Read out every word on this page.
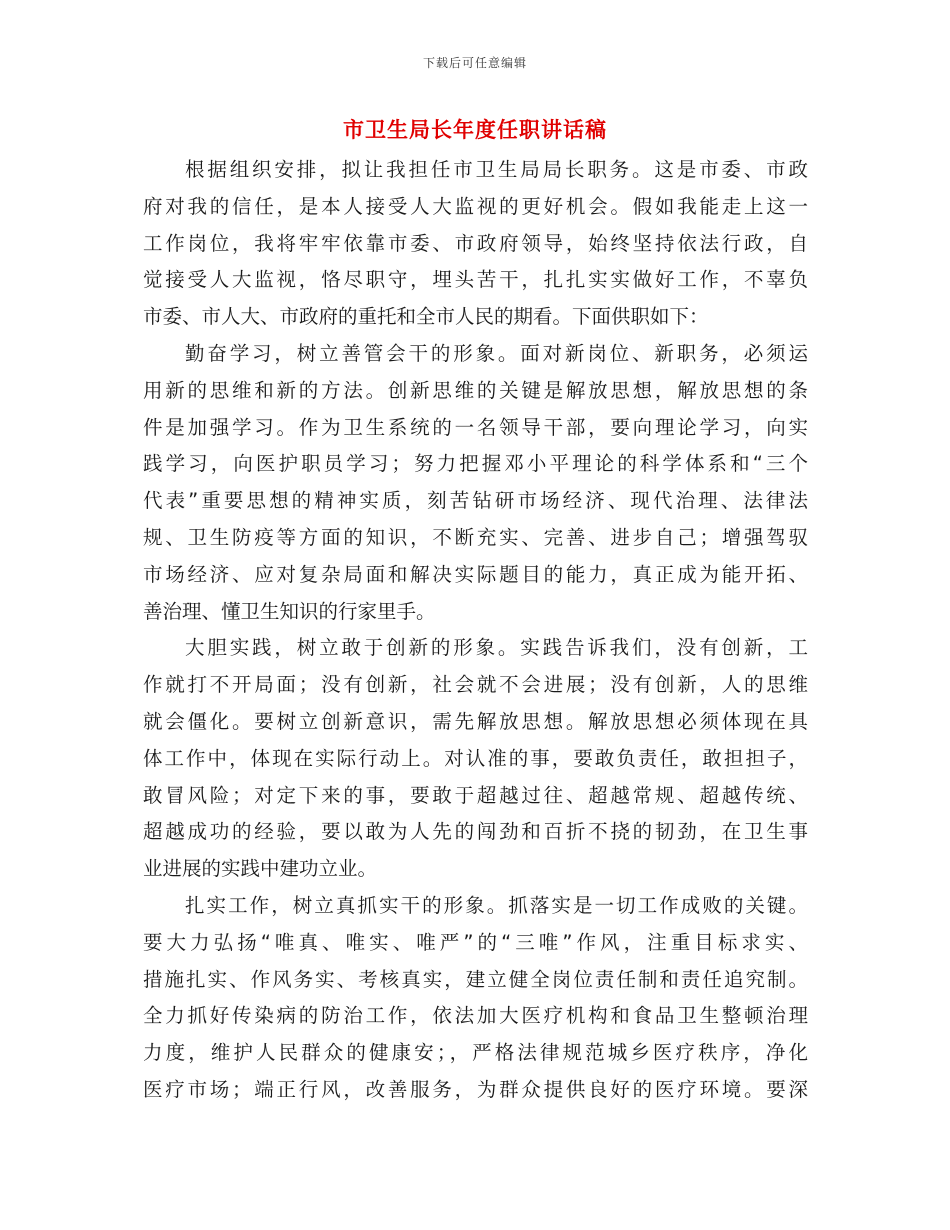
下载后可任意编辑
市卫生局长年度任职讲话稿

根据组织安排，拟让我担任市卫生局局长职务。这是市委、市政
府对我的信任，是本人接受人大监视的更好机会。假如我能走上这一
工作岗位，我将牢牢依靠市委、市政府领导，始终坚持依法行政，自
觉接受人大监视，恪尽职守，埋头苦干，扎扎实实做好工作，不辜负
市委、市人大、市政府的重托和全市人民的期看。下面供职如下：

勤奋学习，树立善管会干的形象。面对新岗位、新职务，必须运
用新的思维和新的方法。创新思维的关键是解放思想，解放思想的条
件是加强学习。作为卫生系统的一名领导干部，要向理论学习，向实
践学习，向医护职员学习；努力把握邓小平理论的科学体系和“三个
代表”重要思想的精神实质，刻苦钻研市场经济、现代治理、法律法
规、卫生防疫等方面的知识，不断充实、完善、进步自己；增强驾驭
市场经济、应对复杂局面和解决实际题目的能力，真正成为能开拓、
善治理、懂卫生知识的行家里手。

大胆实践，树立敢于创新的形象。实践告诉我们，没有创新，工
作就打不开局面；没有创新，社会就不会进展；没有创新，人的思维
就会僵化。要树立创新意识，需先解放思想。解放思想必须体现在具
体工作中，体现在实际行动上。对认准的事，要敢负责任，敢担担子，
敢冒风险；对定下来的事，要敢于超越过往、超越常规、超越传统、
超越成功的经验，要以敢为人先的闯劲和百折不挠的韧劲，在卫生事
业进展的实践中建功立业。

扎实工作，树立真抓实干的形象。抓落实是一切工作成败的关键。
要大力弘扬“唯真、唯实、唯严”的“三唯”作风，注重目标求实、
措施扎实、作风务实、考核真实，建立健全岗位责任制和责任追究制。
全力抓好传染病的防治工作，依法加大医疗机构和食品卫生整顿治理
力度，维护人民群众的健康安；，严格法律规范城乡医疗秩序，净化
医疗市场；端正行风，改善服务，为群众提供良好的医疗环境。要深
